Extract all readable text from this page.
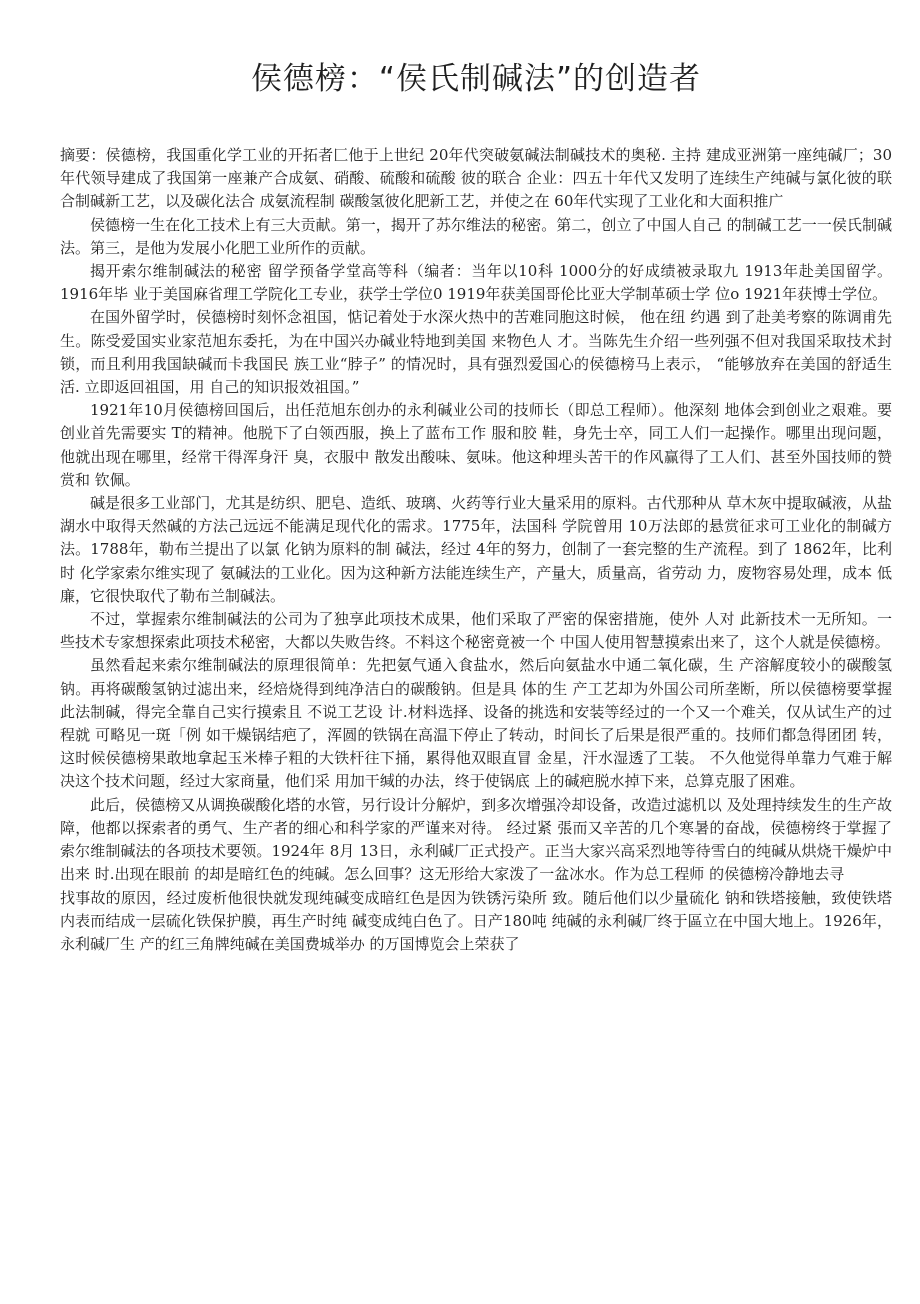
侯德榜：“侯氏制碱法”的创造者

摘要：侯德榜，我国重化学工业的开拓者匚他于上世纪 20年代突破氨碱法制碱技术的奥秘. 主持 建成亚洲第一座纯碱厂；30年代领导建成了我国第一座兼产合成氨、硝酸、硫酸和硫酸 彼的联合 企业：四五十年代又发明了连续生产纯碱与氯化彼的联合制碱新工艺，以及碳化法合 成氨流程制 碳酸氢彼化肥新工艺，并使之在 60年代实现了工业化和大面积推广

侯德榜一生在化工技术上有三大贡献。第一，揭开了苏尔维法的秘密。第二，创立了中国人自己 的制碱工艺一一侯氏制碱法。第三，是他为发展小化肥工业所作的贡献。

揭开索尔维制碱法的秘密 留学预备学堂高等科（编者：当年以10科 1000分的好成绩被录取九 1913年赴美国留学。1916年毕 业于美国麻省理工学院化工专业，获学士学位0 1919年获美国哥伦比亚大学制革硕士学 位o 1921年获博士学位。

在国外留学时，侯德榜时刻怀念祖国，惦记着处于水深火热中的苦难同胞这时候， 他在纽 约遇 到了赴美考察的陈调甫先生。陈受爱国实业家范旭东委托，为在中国兴办碱业特地到美国 来物色人 才。当陈先生介绍一些列强不但对我国采取技术封锁，而且利用我国缺碱而卡我国民 族工业“脖子” 的情况时，具有强烈爱国心的侯德榜马上表示， “能够放弃在美国的舒适生活. 立即返回祖国，用 自己的知识报效祖国。”

1921年10月侯德榜回国后，出任范旭东创办的永利碱业公司的技师长（即总工程师）。他深刻 地体会到创业之艰难。要创业首先需要实 T的精神。他脱下了白领西服，换上了蓝布工作 服和胶 鞋，身先士卒，同工人们一起操作。哪里出现问题，他就出现在哪里，经常干得浑身汗 臭，衣服中 散发出酸味、氨味。他这种埋头苦干的作风赢得了工人们、甚至外国技师的赞赏和 钦佩。

碱是很多工业部门，尤其是纺织、肥皂、造纸、玻璃、火药等行业大量采用的原料。古代那种从 草木灰中提取碱液，从盐湖水中取得天然碱的方法己远远不能满足现代化的需求。1775年，法国科 学院曾用 10万法郎的悬赏征求可工业化的制碱方法。1788年，勒布兰提出了以氯 化钠为原料的制 碱法，经过 4年的努力，创制了一套完整的生产流程。到了 1862年，比利时 化学家索尔维实现了 氨碱法的工业化。因为这种新方法能连续生产，产量大，质量高，省劳动 力，废物容易处理，成本 低廉，它很快取代了勒布兰制碱法。

不过，掌握索尔维制碱法的公司为了独享此项技术成果，他们采取了严密的保密措施，使外 人对 此新技术一无所知。一些技术专家想探索此项技术秘密，大都以失败告终。不料这个秘密竟被一个 中国人使用智慧摸索出来了，这个人就是侯德榜。

虽然看起来索尔维制碱法的原理很简单：先把氨气通入食盐水，然后向氨盐水中通二氧化碳，生 产溶解度较小的碳酸氢钠。再将碳酸氢钠过滤出来，经焙烧得到纯净洁白的碳酸钠。但是具 体的生 产工艺却为外国公司所垄断，所以侯德榜要掌握此法制碱，得完全靠自己实行摸索且 不说工艺设 计.材料选择、设备的挑选和安装等经过的一个又一个难关，仅从试生产的过程就 可略见一斑「例 如干燥锅结疤了，浑圆的铁锅在高温下停止了转动，时间长了后果是很严重的。技师们都急得团团 转，这时候侯德榜果敢地拿起玉米棒子粗的大铁杆往下捅，累得他双眼直冒 金星，汗水湿透了工装。 不久他觉得单靠力气难于解决这个技术问题，经过大家商量，他们采 用加干缄的办法，终于使锅底 上的碱疤脱水掉下来，总算克服了困难。

此后，侯德榜又从调换碳酸化塔的水管，另行设计分解炉，到多次增强冷却设备，改造过滤机以 及处理持续发生的生产故障，他都以探索者的勇气、生产者的细心和科学家的严谨来对待。 经过紧 張而又辛苦的几个寒暑的奋战，侯德榜终于掌握了索尔维制碱法的各项技术要领。1924年 8月 13日，永利碱厂正式投产。正当大家兴高采烈地等待雪白的纯碱从烘烧干燥炉中出来 时.出现在眼前 的却是暗红色的纯碱。怎么回事？这无形给大家泼了一盆冰水。作为总工程师 的侯德榜冷静地去寻

找事故的原因，经过废析他很快就发现纯碱变成暗红色是因为铁锈污染所 致。随后他们以少量硫化 钠和铁塔接触，致使铁塔内表而结成一层硫化铁保护膜，再生产时纯 碱变成纯白色了。日产180吨 纯碱的永利碱厂终于區立在中国大地上。1926年，永利碱厂生 产的红三角牌纯碱在美国费城举办 的万国博览会上荣获了
